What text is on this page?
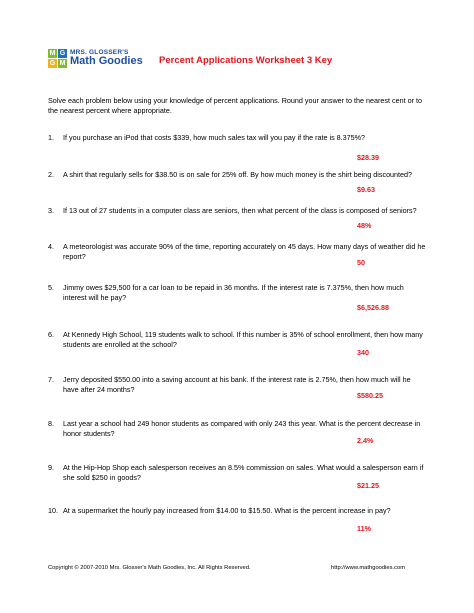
M G
G M
MRS. GLOSSER'S
Math Goodies Percent Applications Worksheet 3 Key
Solve each problem below using your knowledge of percent applications. Round your answer to the nearest cent or to the nearest percent where appropriate.
1. If you purchase an iPod that costs $339, how much sales tax will you pay if the rate is 8.375%?
$28.39
2. A shirt that regularly sells for $38.50 is on sale for 25% off. By how much money is the shirt being discounted?
$9.63
3. If 13 out of 27 students in a computer class are seniors, then what percent of the class is composed of seniors?
48%
4. A meteorologist was accurate 90% of the time, reporting accurately on 45 days. How many days of weather did he report?
50
5. Jimmy owes $29,500 for a car loan to be repaid in 36 months. If the interest rate is 7.375%, then how much interest will he pay?
$6,526.88
6. At Kennedy High School, 119 students walk to school. If this number is 35% of school enrollment, then how many students are enrolled at the school?
340
7. Jerry deposited $550.00 into a saving account at his bank. If the interest rate is 2.75%, then how much will he have after 24 months?
$580.25
8. Last year a school had 249 honor students as compared with only 243 this year. What is the percent decrease in honor students?
2.4%
9. At the Hip-Hop Shop each salesperson receives an 8.5% commission on sales. What would a salesperson earn if she sold $250 in goods?
$21.25
10. At a supermarket the hourly pay increased from $14.00 to $15.50. What is the percent increase in pay?
11%
Copyright © 2007-2010 Mrs. Glosser's Math Goodies, Inc. All Rights Reserved.	http://www.mathgoodies.com
